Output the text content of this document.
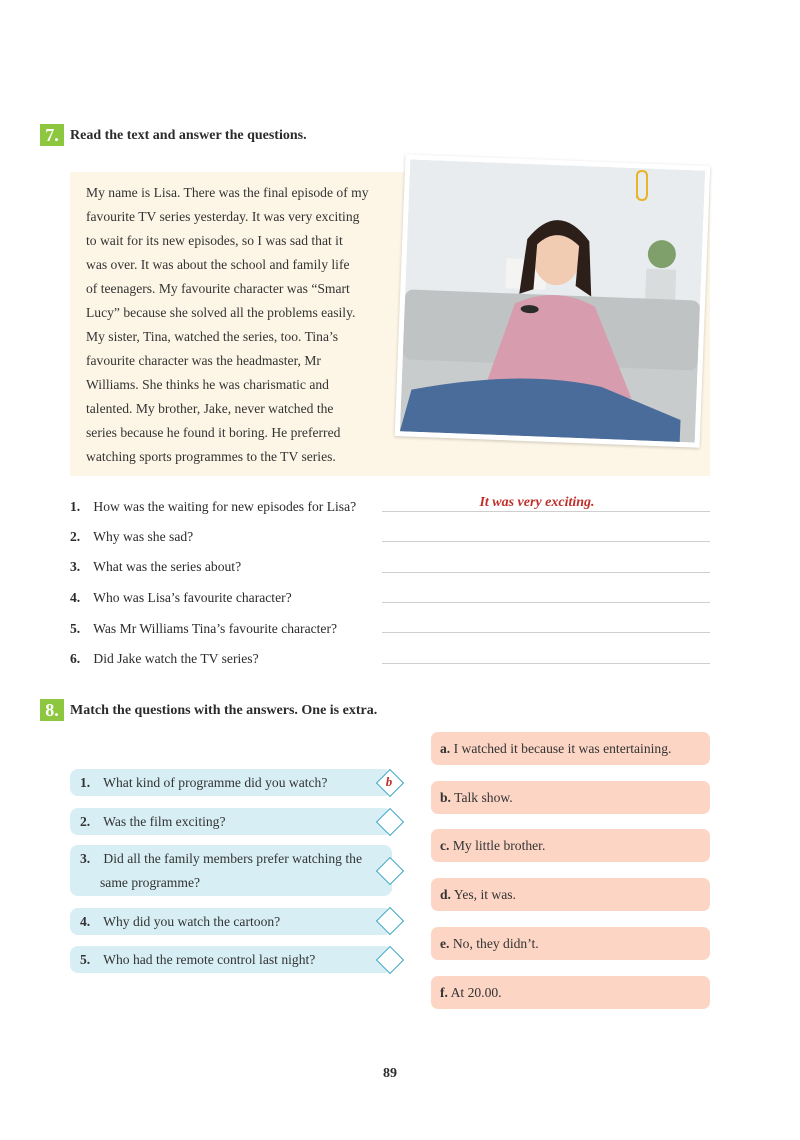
7. Read the text and answer the questions.
My name is Lisa. There was the final episode of my
favourite TV series yesterday. It was very exciting
to wait for its new episodes, so I was sad that it
was over. It was about the school and family life
of teenagers. My favourite character was “Smart
Lucy” because she solved all the problems easily.
My sister, Tina, watched the series, too. Tina’s
favourite character was the headmaster, Mr
Williams. She thinks he was charismatic and
talented. My brother, Jake, never watched the
series because he found it boring. He preferred
watching sports programmes to the TV series.
1. How was the waiting for new episodes for Lisa?	It was very exciting.
2. Why was she sad?
3. What was the series about?
4. Who was Lisa’s favourite character?
5. Was Mr Williams Tina’s favourite character?
6. Did Jake watch the TV series?
8. Match the questions with the answers. One is extra.
1. What kind of programme did you watch?	b
2. Was the film exciting?
3. Did all the family members prefer watching the
same programme?
4. Why did you watch the cartoon?
5. Who had the remote control last night?
a. I watched it because it was entertaining.
b. Talk show.
c. My little brother.
d. Yes, it was.
e. No, they didn’t.
f. At 20.00.
89
